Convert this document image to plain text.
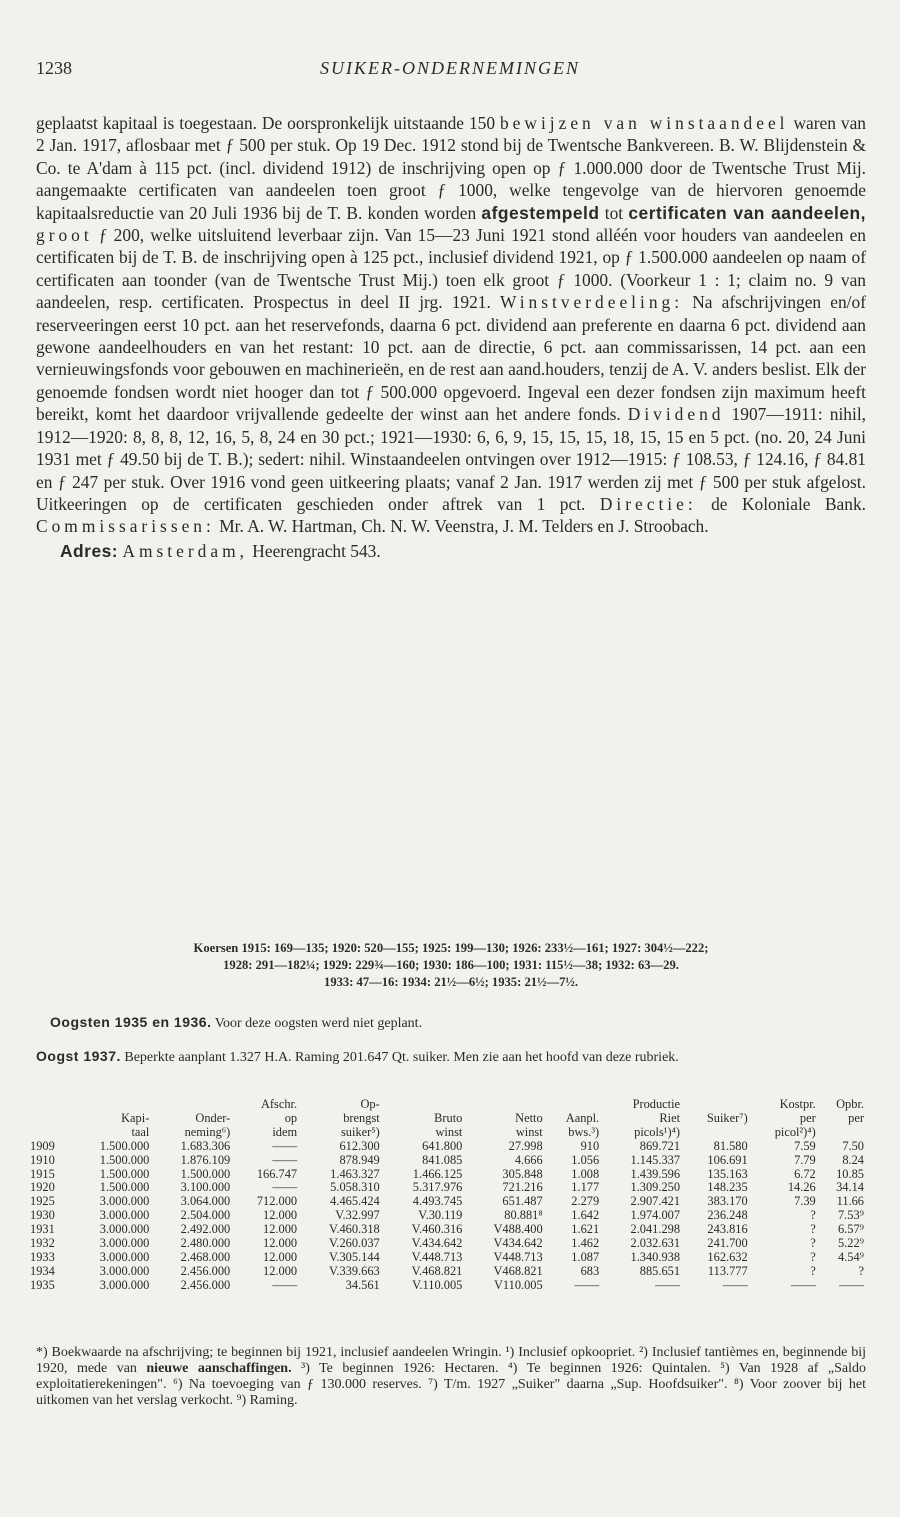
1238	SUIKER-ONDERNEMINGEN

geplaatst kapitaal is toegestaan. De oorspronkelijk uitstaande 150 bewijzen van winstaandeel waren van 2 Jan. 1917, aflosbaar met ƒ 500 per stuk. Op 19 Dec. 1912 stond bij de Twentsche Bankvereen. B. W. Blijdenstein & Co. te A'dam à 115 pct. (incl. dividend 1912) de inschrijving open op ƒ 1.000.000 door de Twentsche Trust Mij. aangemaakte certificaten van aandeelen toen groot ƒ 1000, welke tengevolge van de hiervoren genoemde kapitaalsreductie van 20 Juli 1936 bij de T. B. konden worden afgestempeld tot certificaten van aandeelen, groot ƒ 200, welke uitsluitend leverbaar zijn. Van 15—23 Juni 1921 stond alléén voor houders van aandeelen en certificaten bij de T. B. de inschrijving open à 125 pct., inclusief dividend 1921, op ƒ 1.500.000 aandeelen op naam of certificaten aan toonder (van de Twentsche Trust Mij.) toen elk groot ƒ 1000. (Voorkeur 1 : 1; claim no. 9 van aandeelen, resp. certificaten. Prospectus in deel II jrg. 1921. Winstverdeeling: Na afschrijvingen en/of reserveeringen eerst 10 pct. aan het reservefonds, daarna 6 pct. dividend aan preferente en daarna 6 pct. dividend aan gewone aandeelhouders en van het restant: 10 pct. aan de directie, 6 pct. aan commissarissen, 14 pct. aan een vernieuwingsfonds voor gebouwen en machinerieën, en de rest aan aand.houders, tenzij de A. V. anders beslist. Elk der genoemde fondsen wordt niet hooger dan tot ƒ 500.000 opgevoerd. Ingeval een dezer fondsen zijn maximum heeft bereikt, komt het daardoor vrijvallende gedeelte der winst aan het andere fonds. Dividend 1907—1911: nihil, 1912—1920: 8, 8, 8, 12, 16, 5, 8, 24 en 30 pct.; 1921—1930: 6, 6, 9, 15, 15, 15, 18, 15, 15 en 5 pct. (no. 20, 24 Juni 1931 met ƒ 49.50 bij de T. B.); sedert: nihil. Winstaandeelen ontvingen over 1912—1915: ƒ 108.53, ƒ 124.16, ƒ 84.81 en ƒ 247 per stuk. Over 1916 vond geen uitkeering plaats; vanaf 2 Jan. 1917 werden zij met ƒ 500 per stuk afgelost. Uitkeeringen op de certificaten geschieden onder aftrek van 1 pct. Directie: de Koloniale Bank. Commissarissen: Mr. A. W. Hartman, Ch. N. W. Veenstra, J. M. Telders en J. Stroobach.

Adres: Amsterdam, Heerengracht 543.

Koersen 1915: 169—135; 1920: 520—155; 1925: 199—130; 1926: 233½—161; 1927: 304½—222;
1928: 291—182¼; 1929: 229¾—160; 1930: 186—100; 1931: 115½—38; 1932: 63—29.
1933: 47—16: 1934: 21½—6½; 1935: 21½—7½.
Oogsten 1935 en 1936. Voor deze oogsten werd niet geplant.
Oogst 1937. Beperkte aanplant 1.327 H.A. Raming 201.647 Qt. suiker. Men zie aan het hoofd van deze rubriek.
			Afschr.	Op-				Productie		Kostpr.	Opbr.
	Kapi-	Onder-	op	brengst	Bruto	Netto	Aanpl.	Riet	Suiker⁷)	per	per
	taal	neming⁶)	idem	suiker⁵)	winst	winst	bws.³)	picols¹)⁴)		picol²)⁴)	
1909	1.500.000	1.683.306	——	612.300	641.800	27.998	910	869.721	81.580	7.59	7.50
1910	1.500.000	1.876.109	——	878.949	841.085	4.666	1.056	1.145.337	106.691	7.79	8.24
1915	1.500.000	1.500.000	166.747	1.463.327	1.466.125	305.848	1.008	1.439.596	135.163	6.72	10.85
1920	1.500.000	3.100.000	——	5.058.310	5.317.976	721.216	1.177	1.309.250	148.235	14.26	34.14
1925	3.000.000	3.064.000	712.000	4.465.424	4.493.745	651.487	2.279	2.907.421	383.170	7.39	11.66
1930	3.000.000	2.504.000	12.000	V.32.997	V.30.119	80.881⁸	1.642	1.974.007	236.248	?	7.53⁹
1931	3.000.000	2.492.000	12.000	V.460.318	V.460.316	V488.400	1.621	2.041.298	243.816	?	6.57⁹
1932	3.000.000	2.480.000	12.000	V.260.037	V.434.642	V434.642	1.462	2.032.631	241.700	?	5.22⁹
1933	3.000.000	2.468.000	12.000	V.305.144	V.448.713	V448.713	1.087	1.340.938	162.632	?	4.54⁹
1934	3.000.000	2.456.000	12.000	V.339.663	V.468.821	V468.821	683	885.651	113.777	?	?
1935	3.000.000	2.456.000	——	34.561	V.110.005	V110.005	——	——	——	——	——

*) Boekwaarde na afschrijving; te beginnen bij 1921, inclusief aandeelen Wringin. ¹) Inclusief opkoopriet. ²) Inclusief tantièmes en, beginnende bij 1920, mede van nieuwe aanschaffingen. ³) Te beginnen 1926: Hectaren. ⁴) Te beginnen 1926: Quintalen. ⁵) Van 1928 af „Saldo exploitatierekeningen". ⁶) Na toevoeging van ƒ 130.000 reserves. ⁷) T/m. 1927 „Suiker" daarna „Sup. Hoofdsuiker". ⁸) Voor zoover bij het uitkomen van het verslag verkocht. ⁹) Raming.
